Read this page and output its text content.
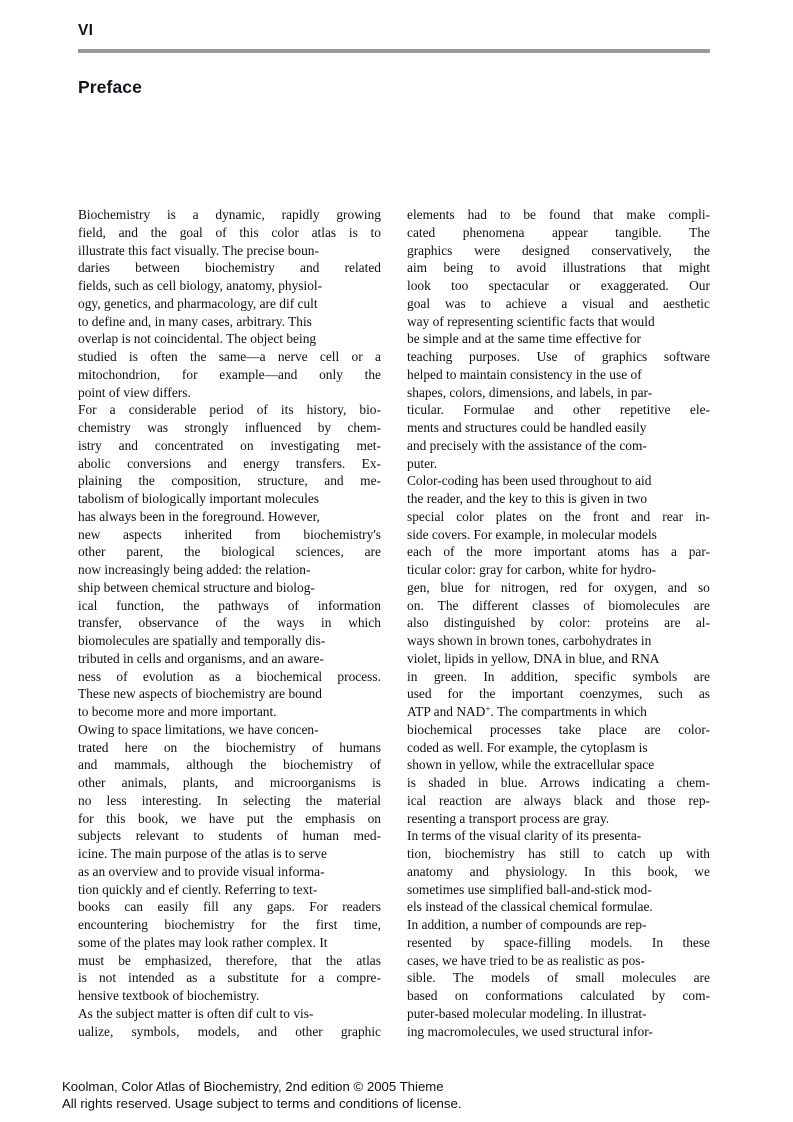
VI
Preface
Biochemistry is a dynamic, rapidly growing
field, and the goal of this color atlas is to
illustrate this fact visually. The precise boun-
daries between biochemistry and related
fields, such as cell biology, anatomy, physiol-
ogy, genetics, and pharmacology, are dif cult
to define and, in many cases, arbitrary. This
overlap is not coincidental. The object being
studied is often the same—a nerve cell or a
mitochondrion, for example—and only the
point of view differs.
For a considerable period of its history, bio-
chemistry was strongly influenced by chem-
istry and concentrated on investigating met-
abolic conversions and energy transfers. Ex-
plaining the composition, structure, and me-
tabolism of biologically important molecules
has always been in the foreground. However,
new aspects inherited from biochemistry's
other parent, the biological sciences, are
now increasingly being added: the relation-
ship between chemical structure and biolog-
ical function, the pathways of information
transfer, observance of the ways in which
biomolecules are spatially and temporally dis-
tributed in cells and organisms, and an aware-
ness of evolution as a biochemical process.
These new aspects of biochemistry are bound
to become more and more important.
Owing to space limitations, we have concen-
trated here on the biochemistry of humans
and mammals, although the biochemistry of
other animals, plants, and microorganisms is
no less interesting. In selecting the material
for this book, we have put the emphasis on
subjects relevant to students of human med-
icine. The main purpose of the atlas is to serve
as an overview and to provide visual informa-
tion quickly and ef ciently. Referring to text-
books can easily fill any gaps. For readers
encountering biochemistry for the first time,
some of the plates may look rather complex. It
must be emphasized, therefore, that the atlas
is not intended as a substitute for a compre-
hensive textbook of biochemistry.
As the subject matter is often dif cult to vis-
ualize, symbols, models, and other graphic
elements had to be found that make compli-
cated phenomena appear tangible. The
graphics were designed conservatively, the
aim being to avoid illustrations that might
look too spectacular or exaggerated. Our
goal was to achieve a visual and aesthetic
way of representing scientific facts that would
be simple and at the same time effective for
teaching purposes. Use of graphics software
helped to maintain consistency in the use of
shapes, colors, dimensions, and labels, in par-
ticular. Formulae and other repetitive ele-
ments and structures could be handled easily
and precisely with the assistance of the com-
puter.
Color-coding has been used throughout to aid
the reader, and the key to this is given in two
special color plates on the front and rear in-
side covers. For example, in molecular models
each of the more important atoms has a par-
ticular color: gray for carbon, white for hydro-
gen, blue for nitrogen, red for oxygen, and so
on. The different classes of biomolecules are
also distinguished by color: proteins are al-
ways shown in brown tones, carbohydrates in
violet, lipids in yellow, DNA in blue, and RNA
in green. In addition, specific symbols are
used for the important coenzymes, such as
ATP and NAD+. The compartments in which
biochemical processes take place are color-
coded as well. For example, the cytoplasm is
shown in yellow, while the extracellular space
is shaded in blue. Arrows indicating a chem-
ical reaction are always black and those rep-
resenting a transport process are gray.
In terms of the visual clarity of its presenta-
tion, biochemistry has still to catch up with
anatomy and physiology. In this book, we
sometimes use simplified ball-and-stick mod-
els instead of the classical chemical formulae.
In addition, a number of compounds are rep-
resented by space-filling models. In these
cases, we have tried to be as realistic as pos-
sible. The models of small molecules are
based on conformations calculated by com-
puter-based molecular modeling. In illustrat-
ing macromolecules, we used structural infor-
Koolman, Color Atlas of Biochemistry, 2nd edition © 2005 Thieme
All rights reserved. Usage subject to terms and conditions of license.
